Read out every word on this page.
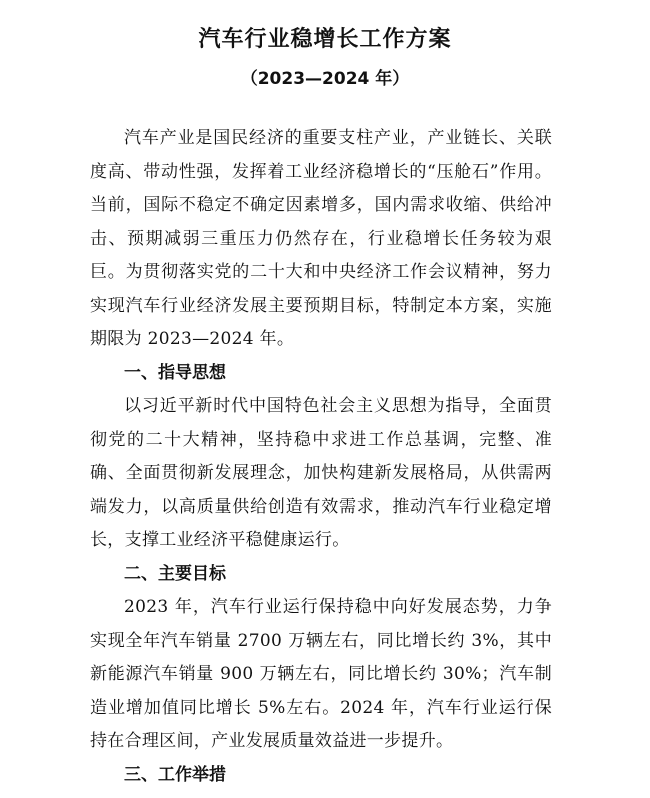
汽车行业稳增长工作方案
（2023—2024 年）

汽车产业是国民经济的重要支柱产业，产业链长、关联度高、带动性强，发挥着工业经济稳增长的“压舱石”作用。当前，国际不稳定不确定因素增多，国内需求收缩、供给冲击、预期减弱三重压力仍然存在，行业稳增长任务较为艰巨。为贯彻落实党的二十大和中央经济工作会议精神，努力实现汽车行业经济发展主要预期目标，特制定本方案，实施期限为 2023—2024 年。

一、指导思想

以习近平新时代中国特色社会主义思想为指导，全面贯彻党的二十大精神，坚持稳中求进工作总基调，完整、准确、全面贯彻新发展理念，加快构建新发展格局，从供需两端发力，以高质量供给创造有效需求，推动汽车行业稳定增长，支撑工业经济平稳健康运行。

二、主要目标

2023 年，汽车行业运行保持稳中向好发展态势，力争实现全年汽车销量 2700 万辆左右，同比增长约 3%，其中新能源汽车销量 900 万辆左右，同比增长约 30%；汽车制造业增加值同比增长 5%左右。2024 年，汽车行业运行保持在合理区间，产业发展质量效益进一步提升。

三、工作举措
